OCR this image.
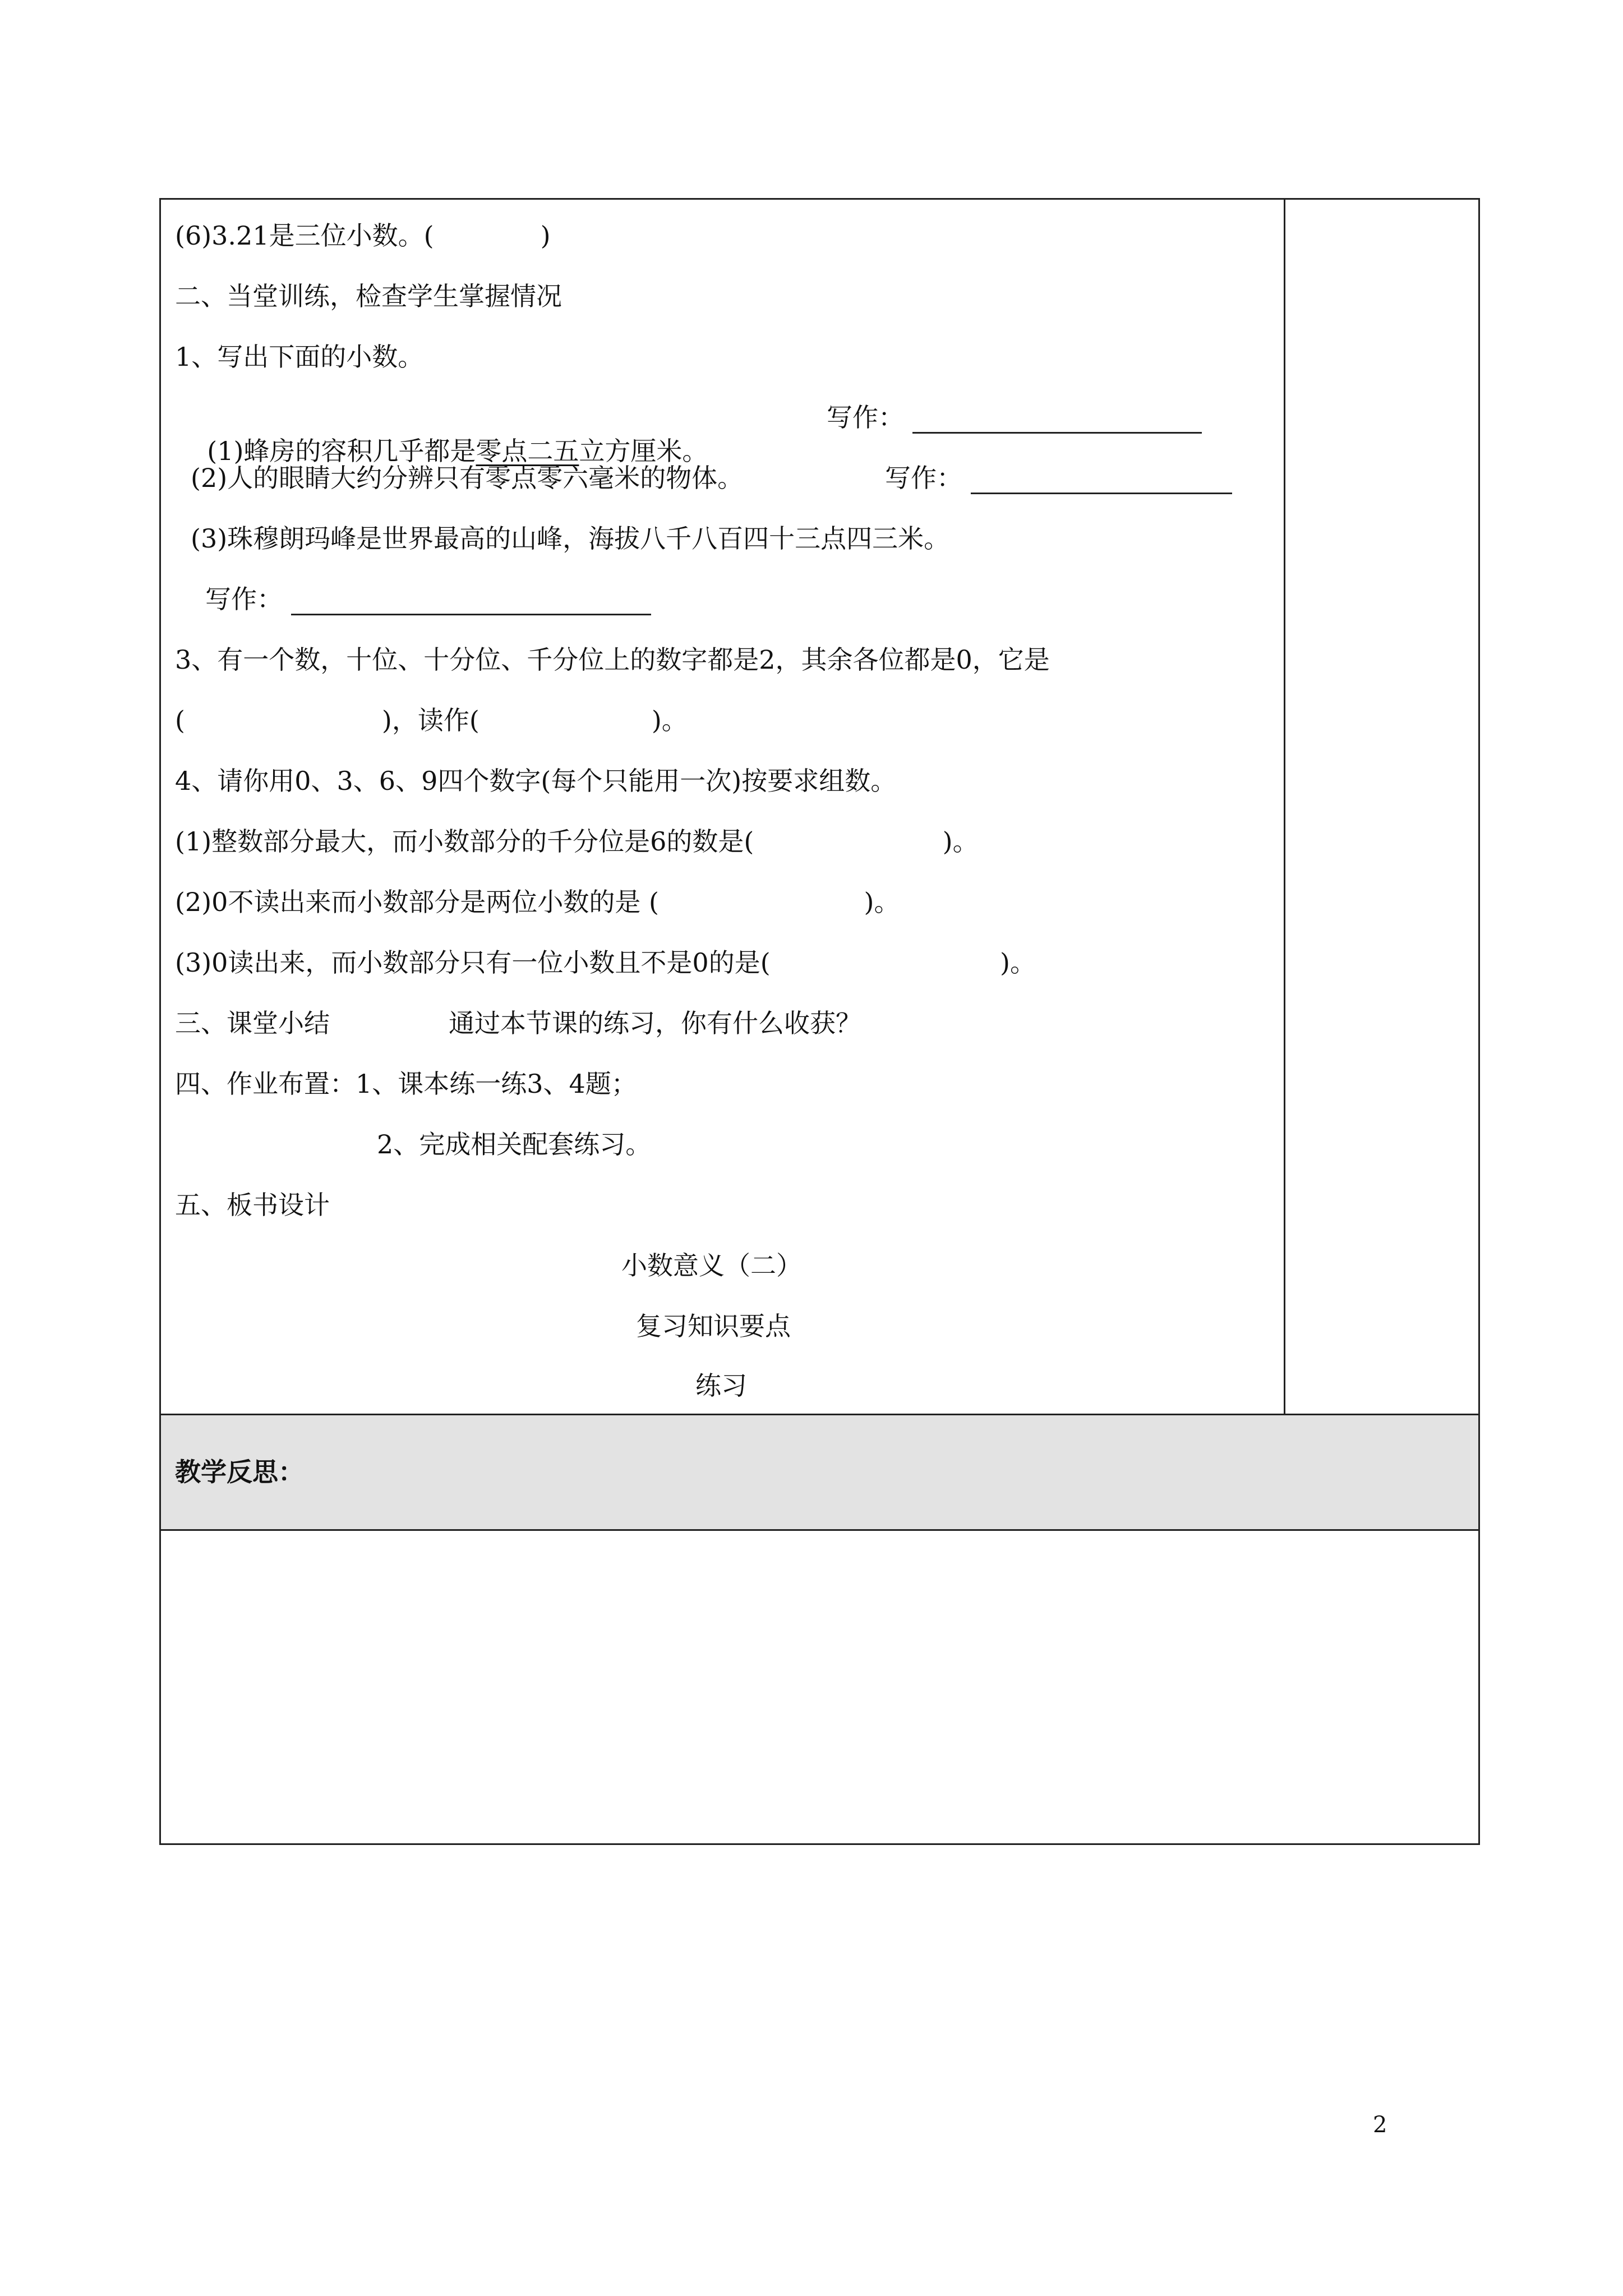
(6)3.21是三位小数。(             )
二、当堂训练，检查学生掌握情况
1、写出下面的小数。

(1)蜂房的容积几乎都是零点二五立方厘米。

写作：
(2)人的眼睛大约分辨只有零点零六毫米的物体。	写作：
(3)珠穆朗玛峰是世界最高的山峰，海拔八千八百四十三点四三米。
写作：
3、有一个数，十位、十分位、千分位上的数字都是2，其余各位都是0，它是
(                        )，读作(                     )。
4、请你用0、3、6、9四个数字(每个只能用一次)按要求组数。
(1)整数部分最大，而小数部分的千分位是6的数是(                       )。
(2)0不读出来而小数部分是两位小数的是 (                         )。
(3)0读出来，而小数部分只有一位小数且不是0的是(                            )。
三、课堂小结	通过本节课的练习，你有什么收获？
四、作业布置：1、课本练一练3、4题；
2、完成相关配套练习。
五、板书设计
小数意义（二）
复习知识要点
练习
教学反思：
2
